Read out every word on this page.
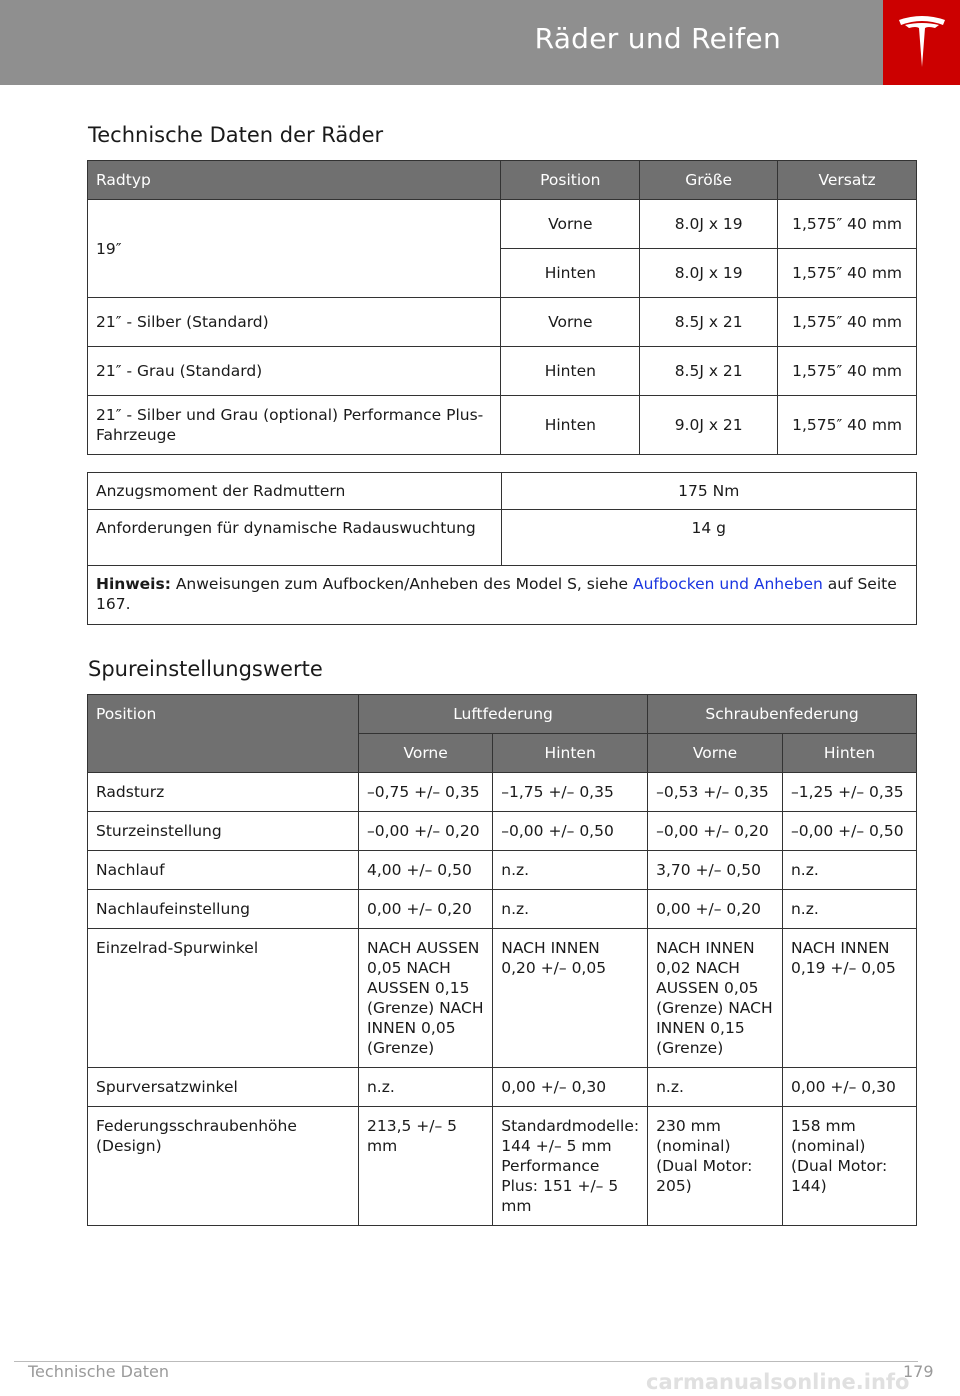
Räder und Reifen
Technische Daten der Räder
Radtyp	Position	Größe	Versatz
19″	Vorne	8.0J x 19	1,575″ 40 mm
	Hinten	8.0J x 19	1,575″ 40 mm
21″ - Silber (Standard)	Vorne	8.5J x 21	1,575″ 40 mm
21″ - Grau (Standard)	Hinten	8.5J x 21	1,575″ 40 mm
21″ - Silber und Grau (optional) Performance Plus-Fahrzeuge	Hinten	9.0J x 21	1,575″ 40 mm
Anzugsmoment der Radmuttern	175 Nm
Anforderungen für dynamische Radauswuchtung	14 g
Hinweis: Anweisungen zum Aufbocken/Anheben des Model S, siehe Aufbocken und Anheben auf Seite 167.	
Spureinstellungswerte
Position	Luftfederung		Schraubenfederung	
	Vorne	Hinten	Vorne	Hinten
Radsturz	–0,75 +/– 0,35	–1,75 +/– 0,35	–0,53 +/– 0,35	–1,25 +/– 0,35
Sturzeinstellung	–0,00 +/– 0,20	–0,00 +/– 0,50	–0,00 +/– 0,20	–0,00 +/– 0,50
Nachlauf	4,00 +/– 0,50	n.z.	3,70 +/– 0,50	n.z.
Nachlaufeinstellung	0,00 +/– 0,20	n.z.	0,00 +/– 0,20	n.z.
Einzelrad-Spurwinkel	NACH AUSSEN 0,05 NACH AUSSEN 0,15 (Grenze) NACH INNEN 0,05 (Grenze)	NACH INNEN 0,20 +/– 0,05	NACH INNEN 0,02 NACH AUSSEN 0,05 (Grenze) NACH INNEN 0,15 (Grenze)	NACH INNEN 0,19 +/– 0,05
Spurversatzwinkel	n.z.	0,00 +/– 0,30	n.z.	0,00 +/– 0,30
Federungsschraubenhöhe (Design)	213,5 +/– 5 mm	Standardmodelle: 144 +/– 5 mm Performance Plus: 151 +/– 5 mm	230 mm (nominal) (Dual Motor: 205)	158 mm (nominal) (Dual Motor: 144)
Technische Daten	179
carmanualsonline.info
